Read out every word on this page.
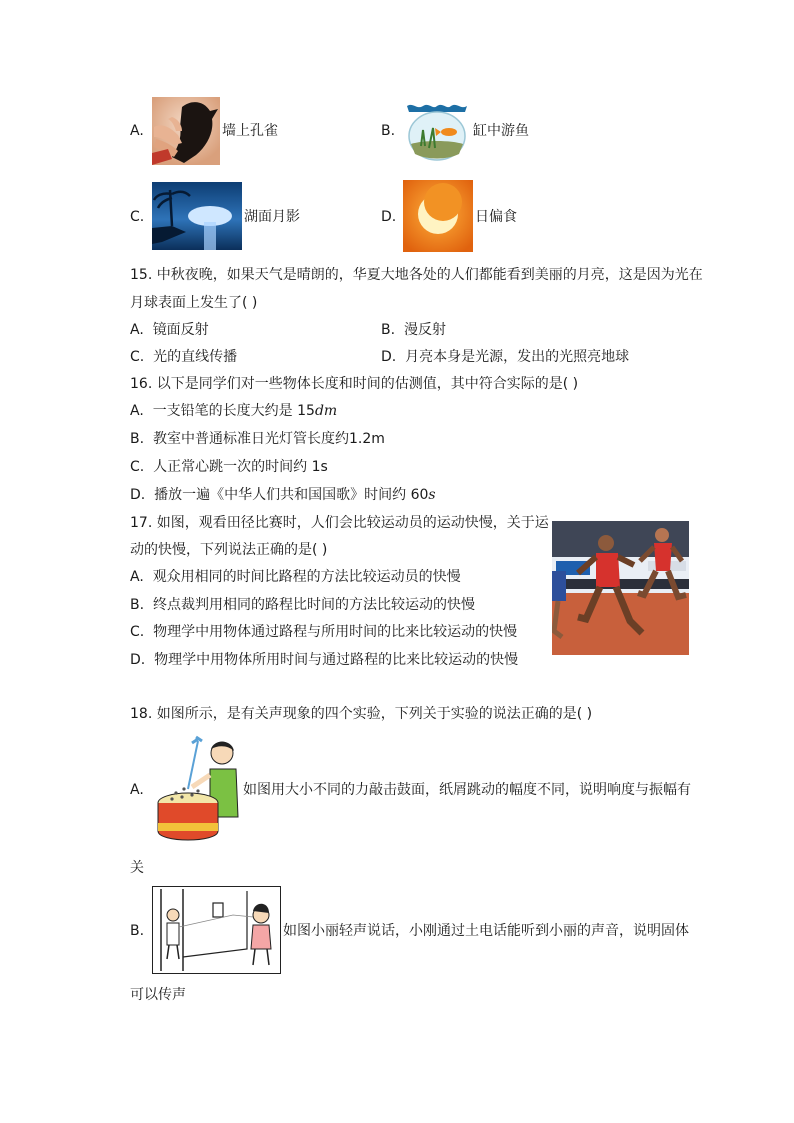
A.	墙上孔雀	B.	缸中游鱼
C.	湖面月影	D.	日偏食
15. 中秋夜晚，如果天气是晴朗的，华夏大地各处的人们都能看到美丽的月亮，这是因为光在
月球表面上发生了( )
A. 镜面反射	B. 漫反射
C. 光的直线传播	D. 月亮本身是光源，发出的光照亮地球
16. 以下是同学们对一些物体长度和时间的估测值，其中符合实际的是( )
A. 一支铅笔的长度大约是 15dm
B. 教室中普通标准日光灯管长度约1.2m
C. 人正常心跳一次的时间约 1s
D. 播放一遍《中华人们共和国国歌》时间约 60s
17. 如图，观看田径比赛时，人们会比较运动员的运动快慢，关于运
动的快慢，下列说法正确的是( )
A. 观众用相同的时间比路程的方法比较运动员的快慢
B. 终点裁判用相同的路程比时间的方法比较运动的快慢
C. 物理学中用物体通过路程与所用时间的比来比较运动的快慢
D. 物理学中用物体所用时间与通过路程的比来比较运动的快慢
18. 如图所示，是有关声现象的四个实验，下列关于实验的说法正确的是( )
A.	如图用大小不同的力敲击鼓面，纸屑跳动的幅度不同，说明响度与振幅有
关
B.	如图小丽轻声说话，小刚通过土电话能听到小丽的声音，说明固体
可以传声
